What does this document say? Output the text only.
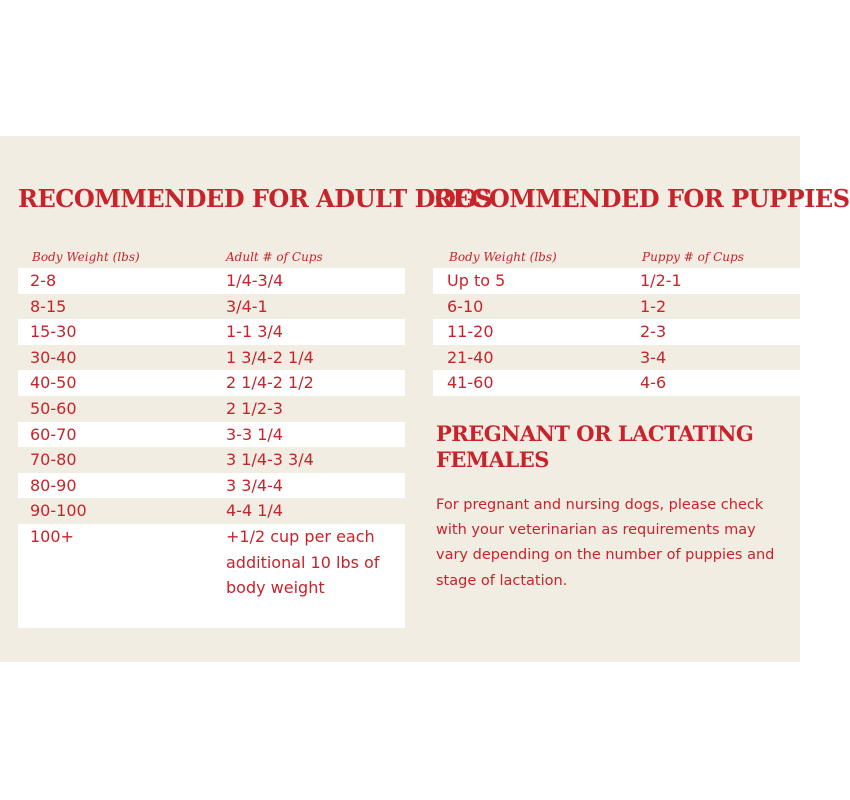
RECOMMENDED FOR ADULT DOGS
RECOMMENDED FOR PUPPIES
Body Weight (lbs)	Adult # of Cups
2-8	1/4-3/4
8-15	3/4-1
15-30	1-1 3/4
30-40	1 3/4-2 1/4
40-50	2 1/4-2 1/2
50-60	2 1/2-3
60-70	3-3 1/4
70-80	3 1/4-3 3/4
80-90	3 3/4-4
90-100	4-4 1/4
100+	+1/2 cup per each additional 10 lbs of body weight
Body Weight (lbs)	Puppy # of Cups
Up to 5	1/2-1
6-10	1-2
11-20	2-3
21-40	3-4
41-60	4-6
PREGNANT OR LACTATING FEMALES
For pregnant and nursing dogs, please check with your veterinarian as requirements may vary depending on the number of puppies and stage of lactation.
